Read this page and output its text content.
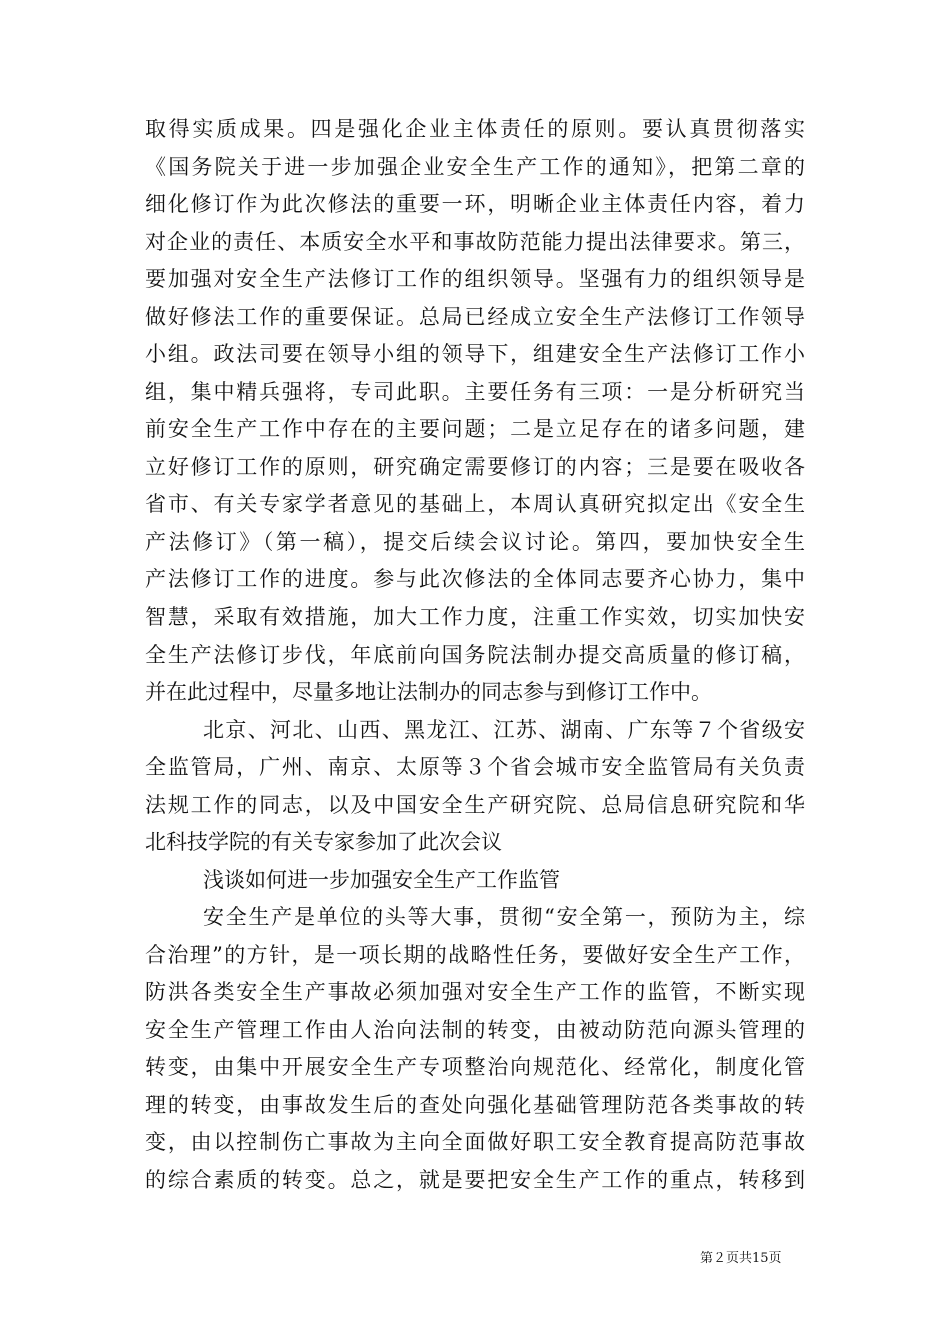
取得实质成果。四是强化企业主体责任的原则。要认真贯彻落实
《国务院关于进一步加强企业安全生产工作的通知》，把第二章的
细化修订作为此次修法的重要一环，明晰企业主体责任内容，着力
对企业的责任、本质安全水平和事故防范能力提出法律要求。第三，
要加强对安全生产法修订工作的组织领导。坚强有力的组织领导是
做好修法工作的重要保证。总局已经成立安全生产法修订工作领导
小组。政法司要在领导小组的领导下，组建安全生产法修订工作小
组，集中精兵强将，专司此职。主要任务有三项：一是分析研究当
前安全生产工作中存在的主要问题；二是立足存在的诸多问题，建
立好修订工作的原则，研究确定需要修订的内容；三是要在吸收各
省市、有关专家学者意见的基础上，本周认真研究拟定出《安全生
产法修订》（第一稿），提交后续会议讨论。第四，要加快安全生
产法修订工作的进度。参与此次修法的全体同志要齐心协力，集中
智慧，采取有效措施，加大工作力度，注重工作实效，切实加快安
全生产法修订步伐，年底前向国务院法制办提交高质量的修订稿，
并在此过程中，尽量多地让法制办的同志参与到修订工作中。
北京、河北、山西、黑龙江、江苏、湖南、广东等７个省级安
全监管局，广州、南京、太原等３个省会城市安全监管局有关负责
法规工作的同志，以及中国安全生产研究院、总局信息研究院和华
北科技学院的有关专家参加了此次会议
浅谈如何进一步加强安全生产工作监管
安全生产是单位的头等大事，贯彻“安全第一，预防为主，综
合治理”的方针，是一项长期的战略性任务，要做好安全生产工作，
防洪各类安全生产事故必须加强对安全生产工作的监管，不断实现
安全生产管理工作由人治向法制的转变，由被动防范向源头管理的
转变，由集中开展安全生产专项整治向规范化、经常化，制度化管
理的转变，由事故发生后的查处向强化基础管理防范各类事故的转
变，由以控制伤亡事故为主向全面做好职工安全教育提高防范事故
的综合素质的转变。总之，就是要把安全生产工作的重点，转移到
第２页共15页
